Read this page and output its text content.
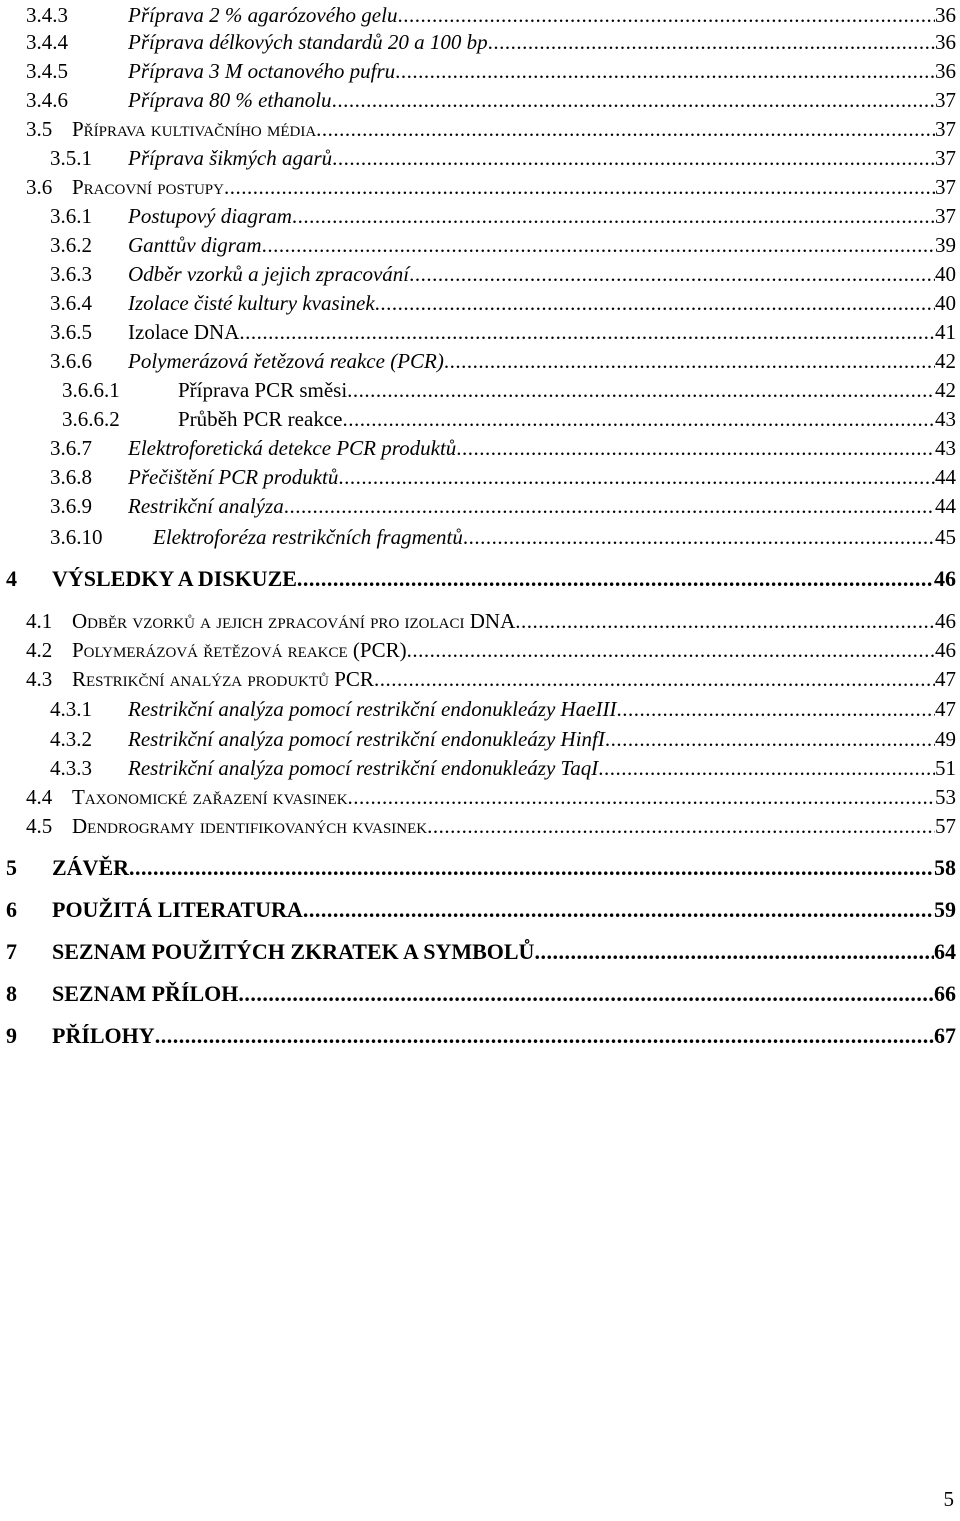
3.4.3	Příprava 2 % agarózového gelu .....	36
3.4.4	Příprava délkových standardů 20 a 100 bp .....	36
3.4.5	Příprava 3 M octanového pufru .....	36
3.4.6	Příprava 80 % ethanolu .....	37
3.5 Příprava kultivačního média .....	37
3.5.1 Příprava šikmých agarů .....	37
3.6 Pracovní postupy .....	37
3.6.1 Postupový diagram .....	37
3.6.2 Ganttův digram .....	39
3.6.3 Odběr vzorků a jejich zpracování .....	40
3.6.4 Izolace čisté kultury kvasinek .....	40
3.6.5 Izolace DNA .....	41
3.6.6 Polymerázová řetězová reakce (PCR) .....	42
3.6.6.1	Příprava PCR směsi .....	42
3.6.6.2	Průběh PCR reakce .....	43
3.6.7 Elektroforetická detekce PCR produktů .....	43
3.6.8 Přečištění PCR produktů .....	44
3.6.9 Restrikční analýza .....	44
3.6.10 Elektroforéza restrikčních fragmentů .....	45
4 VÝSLEDKY A DISKUZE .....	46
4.1 Odběr vzorků a jejich zpracování pro izolaci DNA .....	46
4.2 Polymerázová řetězová reakce (PCR) .....	46
4.3 Restrikční analýza produktů PCR .....	47
4.3.1 Restrikční analýza pomocí restrikční endonukleázy HaeIII .....	47
4.3.2 Restrikční analýza pomocí restrikční endonukleázy HinfI .....	49
4.3.3 Restrikční analýza pomocí restrikční endonukleázy TaqI .....	51
4.4 Taxonomické zařazení kvasinek .....	53
4.5 Dendrogramy identifikovaných kvasinek .....	57
5 ZÁVĚR .....	58
6 POUŽITÁ LITERATURA .....	59
7 SEZNAM POUŽITÝCH ZKRATEK A SYMBOLŮ .....	64
8 SEZNAM PŘÍLOH .....	66
9 PŘÍLOHY .....	67
5
